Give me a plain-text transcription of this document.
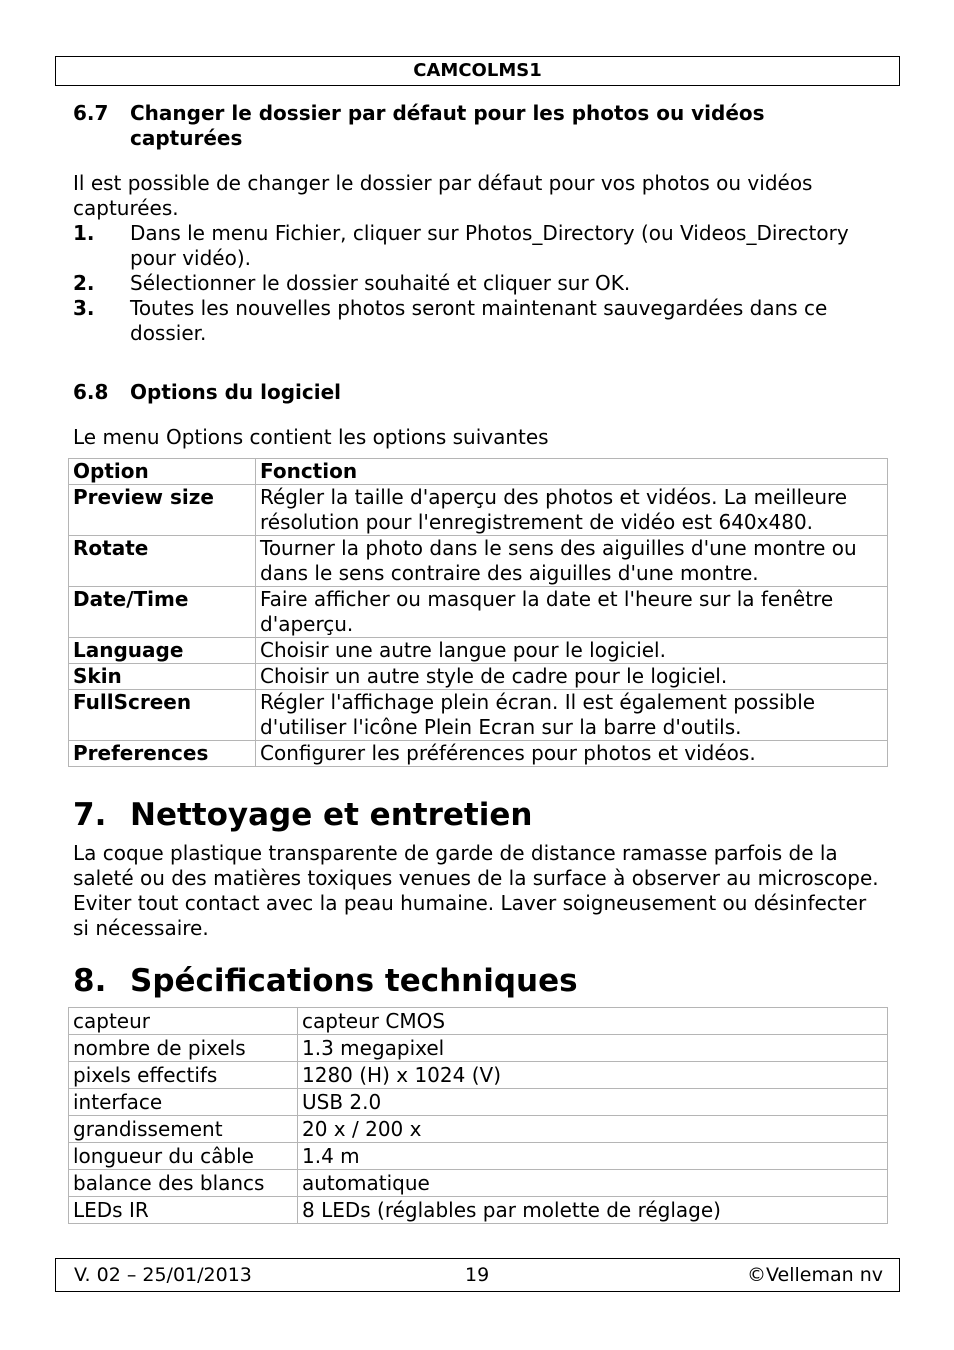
CAMCOLMS1
6.7 Changer le dossier par défaut pour les photos ou vidéos capturées
Il est possible de changer le dossier par défaut pour vos photos ou vidéos capturées.
1. Dans le menu Fichier, cliquer sur Photos_Directory (ou Videos_Directory pour vidéo).
2. Sélectionner le dossier souhaité et cliquer sur OK.
3. Toutes les nouvelles photos seront maintenant sauvegardées dans ce dossier.
6.8 Options du logiciel
Le menu Options contient les options suivantes
Option	Fonction
Preview size	Régler la taille d'aperçu des photos et vidéos. La meilleure résolution pour l'enregistrement de vidéo est 640x480.
Rotate	Tourner la photo dans le sens des aiguilles d'une montre ou dans le sens contraire des aiguilles d'une montre.
Date/Time	Faire afficher ou masquer la date et l'heure sur la fenêtre d'aperçu.
Language	Choisir une autre langue pour le logiciel.
Skin	Choisir un autre style de cadre pour le logiciel.
FullScreen	Régler l'affichage plein écran. Il est également possible d'utiliser l'icône Plein Ecran sur la barre d'outils.
Preferences	Configurer les préférences pour photos et vidéos.
7. Nettoyage et entretien
La coque plastique transparente de garde de distance ramasse parfois de la saleté ou des matières toxiques venues de la surface à observer au microscope. Eviter tout contact avec la peau humaine. Laver soigneusement ou désinfecter si nécessaire.
8. Spécifications techniques
capteur	capteur CMOS
nombre de pixels	1.3 megapixel
pixels effectifs	1280 (H) x 1024 (V)
interface	USB 2.0
grandissement	20 x / 200 x
longueur du câble	1.4 m
balance des blancs	automatique
LEDs IR	8 LEDs (réglables par molette de réglage)
V. 02 – 25/01/2013	19	©Velleman nv
